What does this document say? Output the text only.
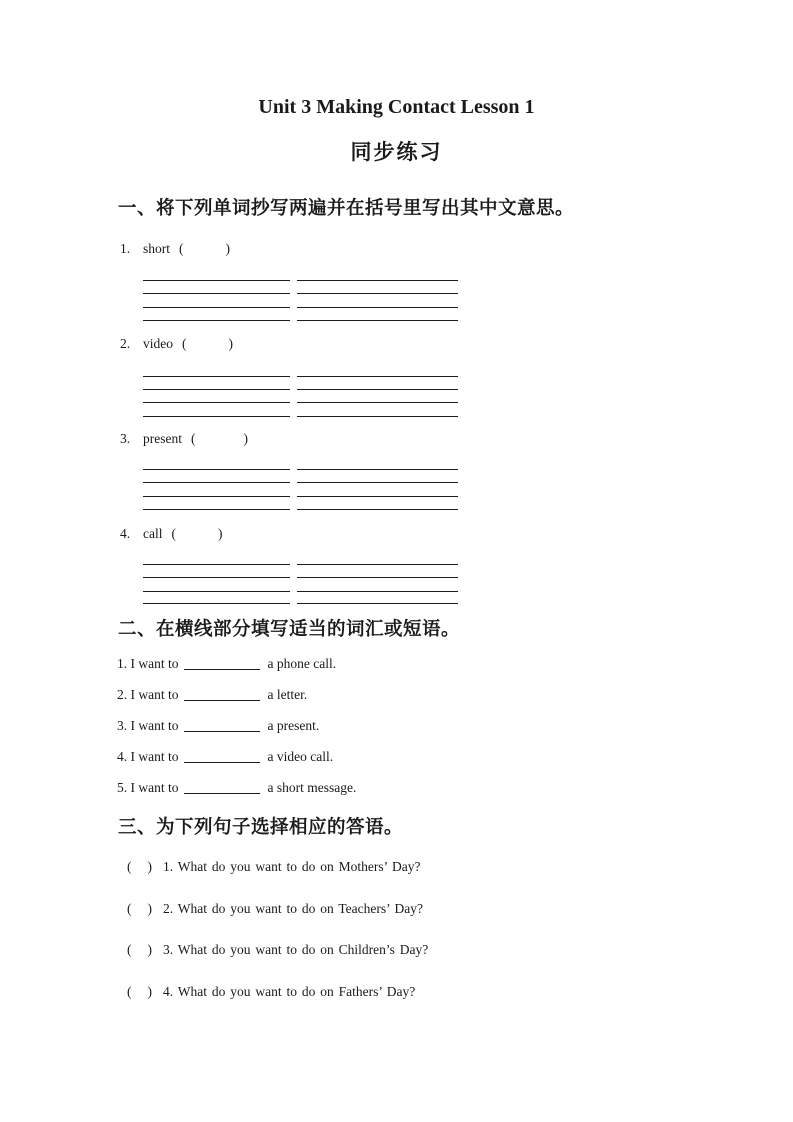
Unit 3 Making Contact Lesson 1
同步练习
一、将下列单词抄写两遍并在括号里写出其中文意思。
1. short (	)
2. video (	)
3. present (	)
4. call (	)
二、在横线部分填写适当的词汇或短语。
1. I want to	a phone call.
2. I want to	a letter.
3. I want to	a present.
4. I want to	a video call.
5. I want to	a short message.
三、为下列句子选择相应的答语。
( ) 1. What do you want to do on Mothers’ Day?
( ) 2. What do you want to do on Teachers’ Day?
( ) 3. What do you want to do on Children’s Day?
( ) 4. What do you want to do on Fathers’ Day?
